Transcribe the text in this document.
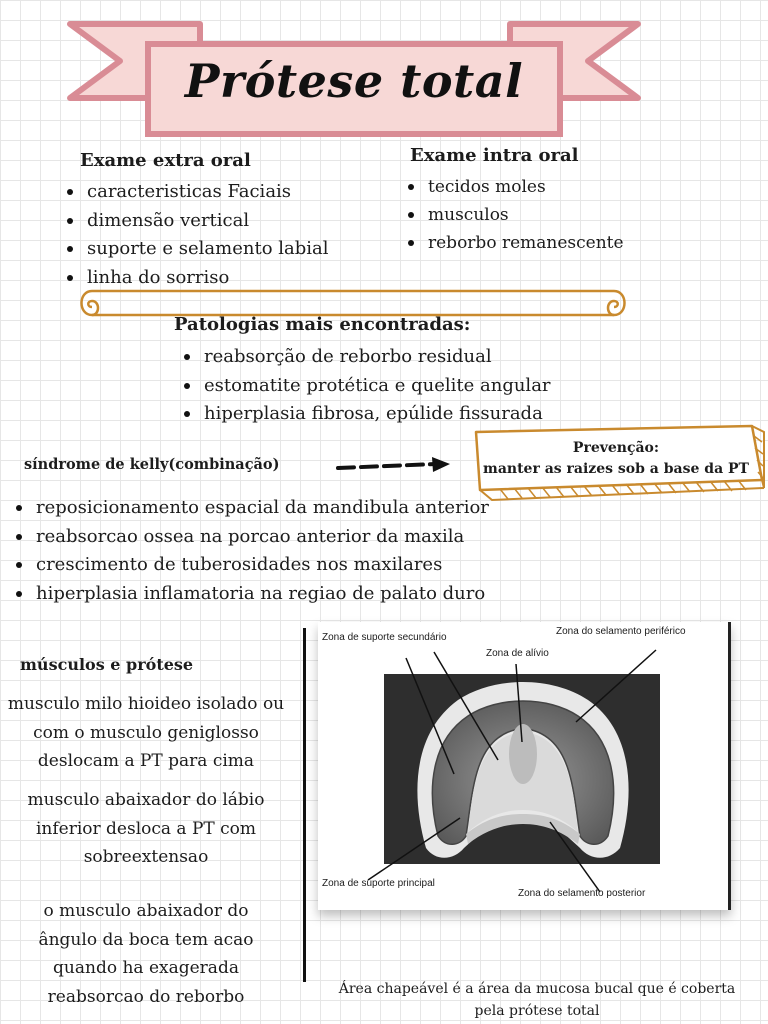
Prótese total
Exame extra oral
caracteristicas Faciais
dimensão vertical
suporte e selamento labial
linha do sorriso
Exame intra oral
tecidos moles
musculos
reborbo remanescente
Patologias mais encontradas:
reabsorção de reborbo residual
estomatite protética e quelite angular
hiperplasia fibrosa, epúlide fissurada
síndrome de kelly(combinação)
Prevenção:
manter as raizes sob a base da PT
reposicionamento espacial da mandibula anterior
reabsorcao ossea na porcao anterior da maxila
crescimento de tuberosidades nos maxilares
hiperplasia inflamatoria na regiao de palato duro
músculos e prótese
musculo milo hioideo isolado ou
com o musculo geniglosso
deslocam a PT para cima
musculo abaixador do lábio
inferior desloca a PT com
sobreextensao
o musculo abaixador do
ângulo da boca tem acao
quando ha exagerada
reabsorcao do reborbo
Zona de suporte secundário
Zona do selamento periférico
Zona de alívio
Zona de suporte principal
Zona do selamento posterior
Área chapeável é a área da mucosa bucal que é coberta
pela prótese total
